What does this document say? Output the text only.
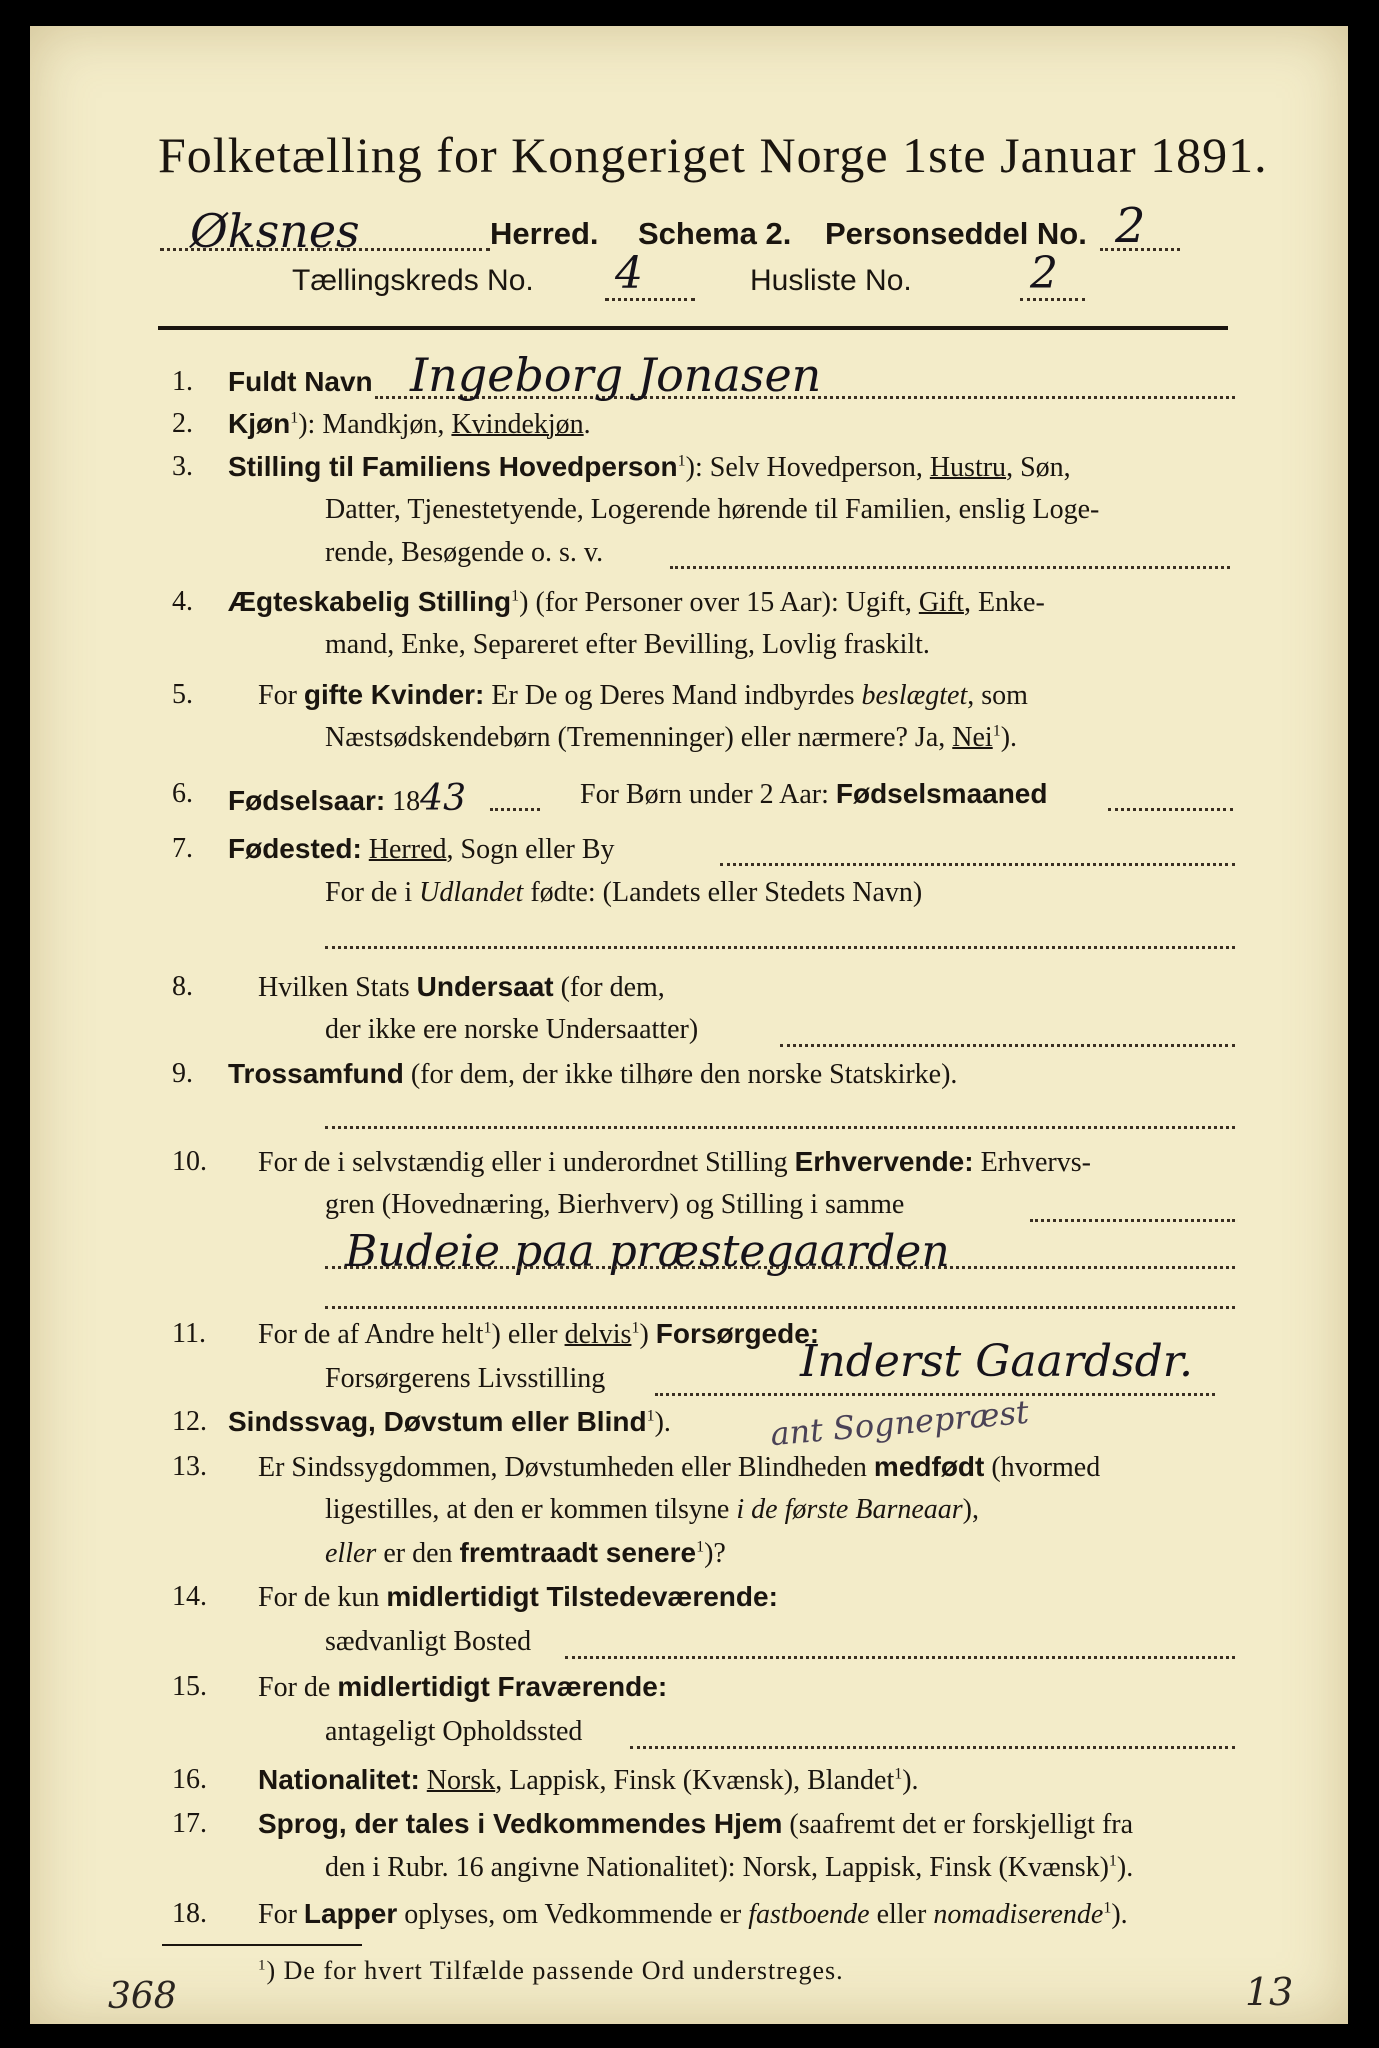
Folketælling for Kongeriget Norge 1ste Januar 1891.
Øksnes	Herred. Schema 2. Personseddel No. 2
Tællingskreds No. 4	Husliste No.	2
1. Fuldt Navn Ingeborg Jonasen
2. Kjøn$^1$): Mandkjøn, Kvindekjøn.
3. Stilling til Familiens Hovedperson$^1$): Selv Hovedperson, Hustru, Søn,
Datter, Tjenestetyende, Logerende hørende til Familien, enslig Loge-
rende, Besøgende o. s. v.
4. Ægteskabelig Stilling$^1$) (for Personer over 15 Aar): Ugift, Gift, Enke-
mand, Enke, Separeret efter Bevilling, Lovlig fraskilt.
5. For gifte Kvinder: Er De og Deres Mand indbyrdes beslægtet, som
Næstsødskendebørn (Tremenninger) eller nærmere? Ja, Nei$^1$).
6. Fødselsaar: 1843	For Børn under 2 Aar: Fødselsmaaned
7. Fødested: Herred, Sogn eller By
For de i Udlandet fødte: (Landets eller Stedets Navn)
8. Hvilken Stats Undersaat (for dem,
der ikke ere norske Undersaatter)
9. Trossamfund (for dem, der ikke tilhøre den norske Statskirke).
10. For de i selvstændig eller i underordnet Stilling Erhvervende: Erhvervs-
gren (Hovednæring, Bierhverv) og Stilling i samme
Budeie paa præstegaarden
11. For de af Andre helt$^1$) eller delvis$^1$) Forsørgede:
Forsørgerens Livsstilling	Inderst Gaardsdr.
12. Sindssvag, Døvstum eller Blind$^1$).	ant Sognepræst
13. Er Sindssygdommen, Døvstumheden eller Blindheden medfødt (hvormed
ligestilles, at den er kommen tilsyne i de første Barneaar),
eller er den fremtraadt senere$^1$)?
14. For de kun midlertidigt Tilstedeværende:
sædvanligt Bosted
15. For de midlertidigt Fraværende:
antageligt Opholdssted
16. Nationalitet: Norsk, Lappisk, Finsk (Kvænsk), Blandet$^1$).
17. Sprog, der tales i Vedkommendes Hjem (saafremt det er forskjelligt fra
den i Rubr. 16 angivne Nationalitet): Norsk, Lappisk, Finsk (Kvænsk)$^1$).
18. For Lapper oplyses, om Vedkommende er fastboende eller nomadiserende$^1$).
$^1$) De for hvert Tilfælde passende Ord understreges.
368	13
